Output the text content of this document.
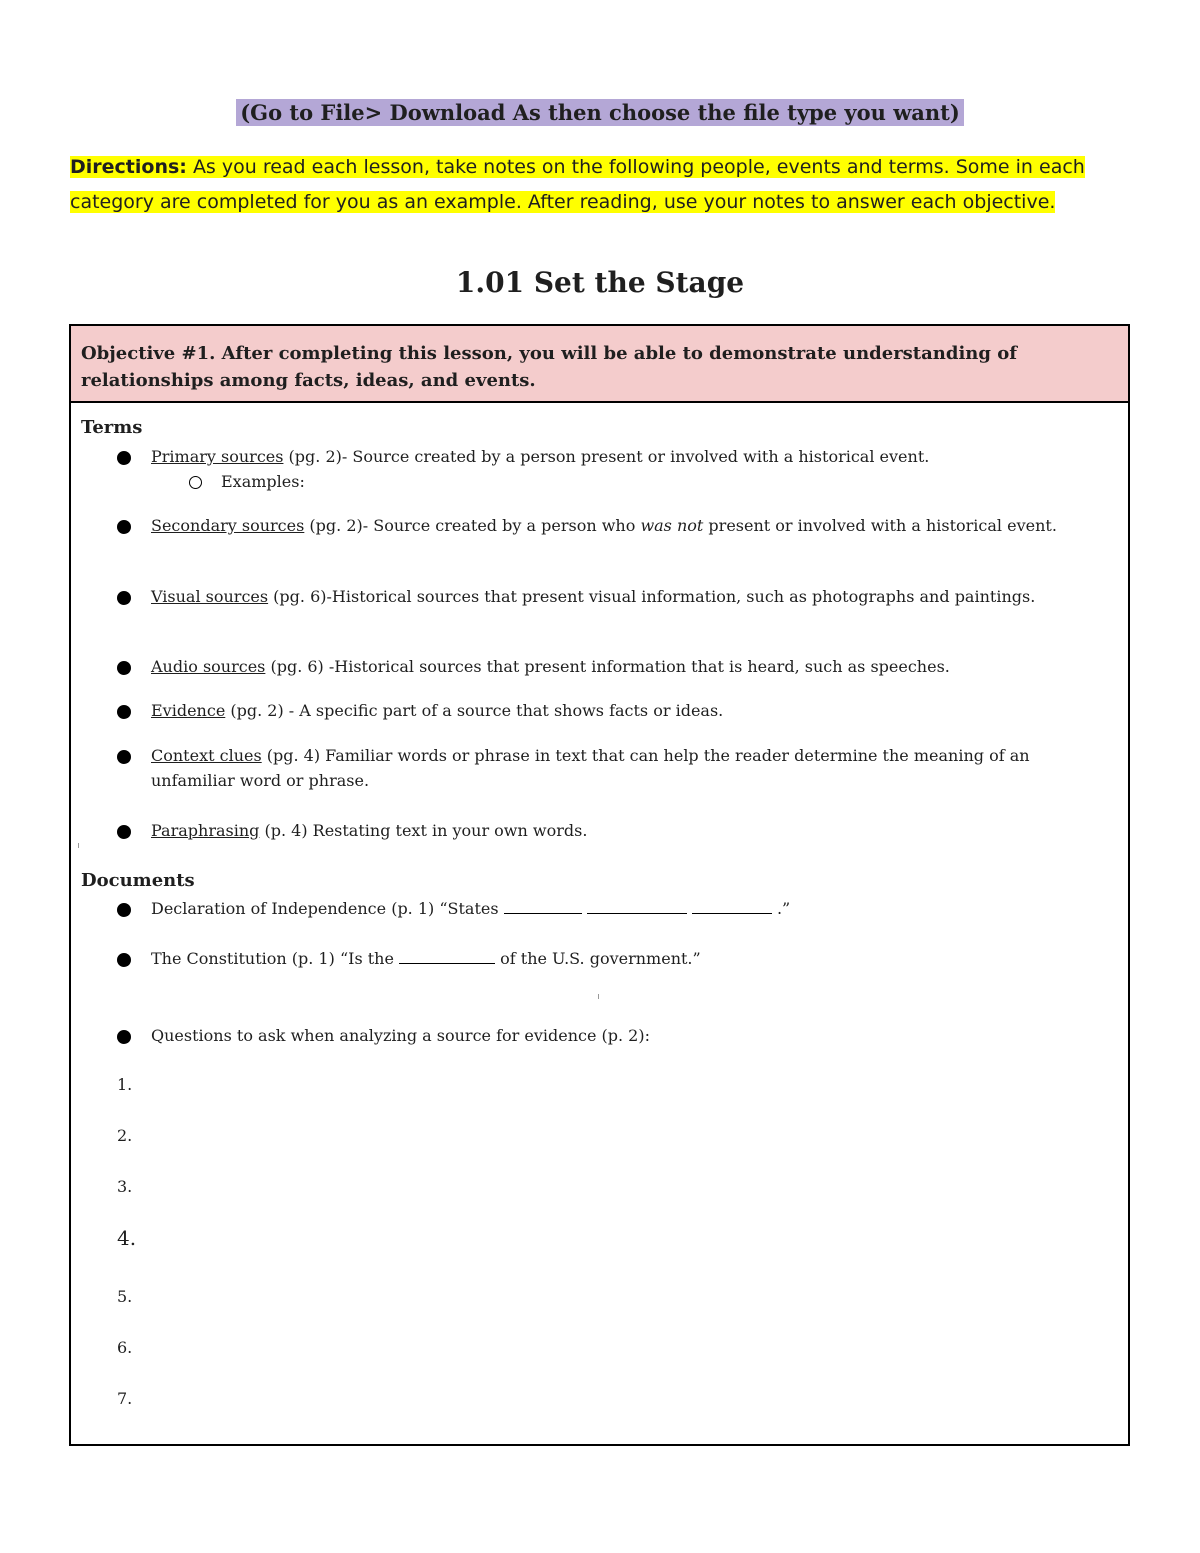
(Go to File> Download As then choose the file type you want)
Directions: As you read each lesson, take notes on the following people, events and terms. Some in each category are completed for you as an example. After reading, use your notes to answer each objective.
1.01 Set the Stage
Objective #1. After completing this lesson, you will be able to demonstrate understanding of relationships among facts, ideas, and events.
Terms
Primary sources (pg. 2)- Source created by a person present or involved with a historical event.
Examples:
Secondary sources (pg. 2)- Source created by a person who was not present or involved with a historical event.
Visual sources (pg. 6)-Historical sources that present visual information, such as photographs and paintings.
Audio sources (pg. 6) -Historical sources that present information that is heard, such as speeches.
Evidence (pg. 2) - A specific part of a source that shows facts or ideas.
Context clues (pg. 4) Familiar words or phrase in text that can help the reader determine the meaning of an unfamiliar word or phrase.
Paraphrasing (p. 4) Restating text in your own words.
Documents
Declaration of Independence (p. 1) “States	.”
The Constitution (p. 1) “Is the	of the U.S. government.”
Questions to ask when analyzing a source for evidence (p. 2):
1.
2.
3.
4.
5.
6.
7.
